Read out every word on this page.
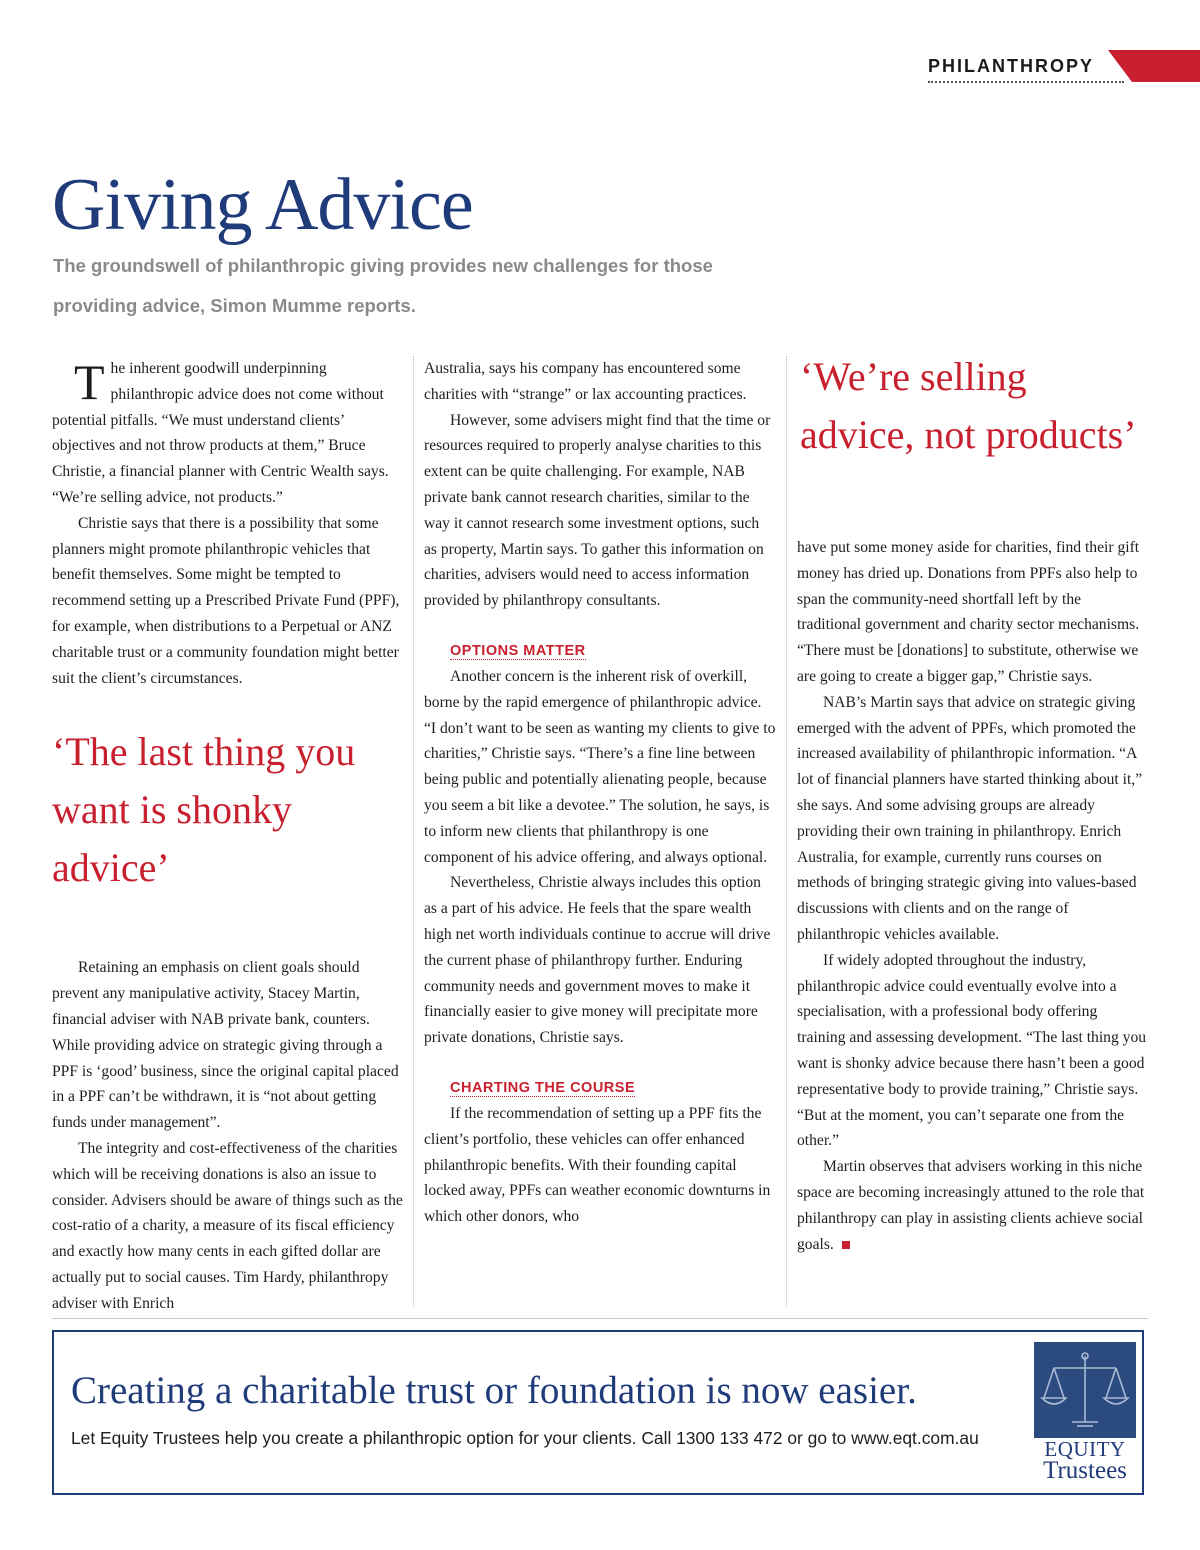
PHILANTHROPY
Giving Advice
The groundswell of philanthropic giving provides new challenges for those providing advice, Simon Mumme reports.

The inherent goodwill underpinning philanthropic advice does not come without potential pitfalls. “We must understand clients’ objectives and not throw products at them,” Bruce Christie, a financial planner with Centric Wealth says. “We’re selling advice, not products.”

Christie says that there is a possibility that some planners might promote philanthropic vehicles that benefit themselves. Some might be tempted to recommend setting up a Prescribed Private Fund (PPF), for example, when distributions to a Perpetual or ANZ charitable trust or a community foundation might better suit the client’s circumstances.

‘The last thing you want is shonky advice’

Retaining an emphasis on client goals should prevent any manipulative activity, Stacey Martin, financial adviser with NAB private bank, counters. While providing advice on strategic giving through a PPF is ‘good’ business, since the original capital placed in a PPF can’t be withdrawn, it is “not about getting funds under management”.

The integrity and cost-effectiveness of the charities which will be receiving donations is also an issue to consider. Advisers should be aware of things such as the cost-ratio of a charity, a measure of its fiscal efficiency and exactly how many cents in each gifted dollar are actually put to social causes. Tim Hardy, philanthropy adviser with Enrich

Australia, says his company has encountered some charities with “strange” or lax accounting practices.

However, some advisers might find that the time or resources required to properly analyse charities to this extent can be quite challenging. For example, NAB private bank cannot research charities, similar to the way it cannot research some investment options, such as property, Martin says. To gather this information on charities, advisers would need to access information provided by philanthropy consultants.

OPTIONS MATTER

Another concern is the inherent risk of overkill, borne by the rapid emergence of philanthropic advice. “I don’t want to be seen as wanting my clients to give to charities,” Christie says. “There’s a fine line between being public and potentially alienating people, because you seem a bit like a devotee.” The solution, he says, is to inform new clients that philanthropy is one component of his advice offering, and always optional.

Nevertheless, Christie always includes this option as a part of his advice. He feels that the spare wealth high net worth individuals continue to accrue will drive the current phase of philanthropy further. Enduring community needs and government moves to make it financially easier to give money will precipitate more private donations, Christie says.

CHARTING THE COURSE

If the recommendation of setting up a PPF fits the client’s portfolio, these vehicles can offer enhanced philanthropic benefits. With their founding capital locked away, PPFs can weather economic downturns in which other donors, who

‘We’re selling advice, not products’

have put some money aside for charities, find their gift money has dried up. Donations from PPFs also help to span the community-need shortfall left by the traditional government and charity sector mechanisms. “There must be [donations] to substitute, otherwise we are going to create a bigger gap,” Christie says.

NAB’s Martin says that advice on strategic giving emerged with the advent of PPFs, which promoted the increased availability of philanthropic information. “A lot of financial planners have started thinking about it,” she says. And some advising groups are already providing their own training in philanthropy. Enrich Australia, for example, currently runs courses on methods of bringing strategic giving into values-based discussions with clients and on the range of philanthropic vehicles available.

If widely adopted throughout the industry, philanthropic advice could eventually evolve into a specialisation, with a professional body offering training and assessing development. “The last thing you want is shonky advice because there hasn’t been a good representative body to provide training,” Christie says. “But at the moment, you can’t separate one from the other.”

Martin observes that advisers working in this niche space are becoming increasingly attuned to the role that philanthropy can play in assisting clients achieve social goals.

Creating a charitable trust or foundation is now easier.
Let Equity Trustees help you create a philanthropic option for your clients. Call 1300 133 472 or go to www.eqt.com.au	EQUITY
Trustees
